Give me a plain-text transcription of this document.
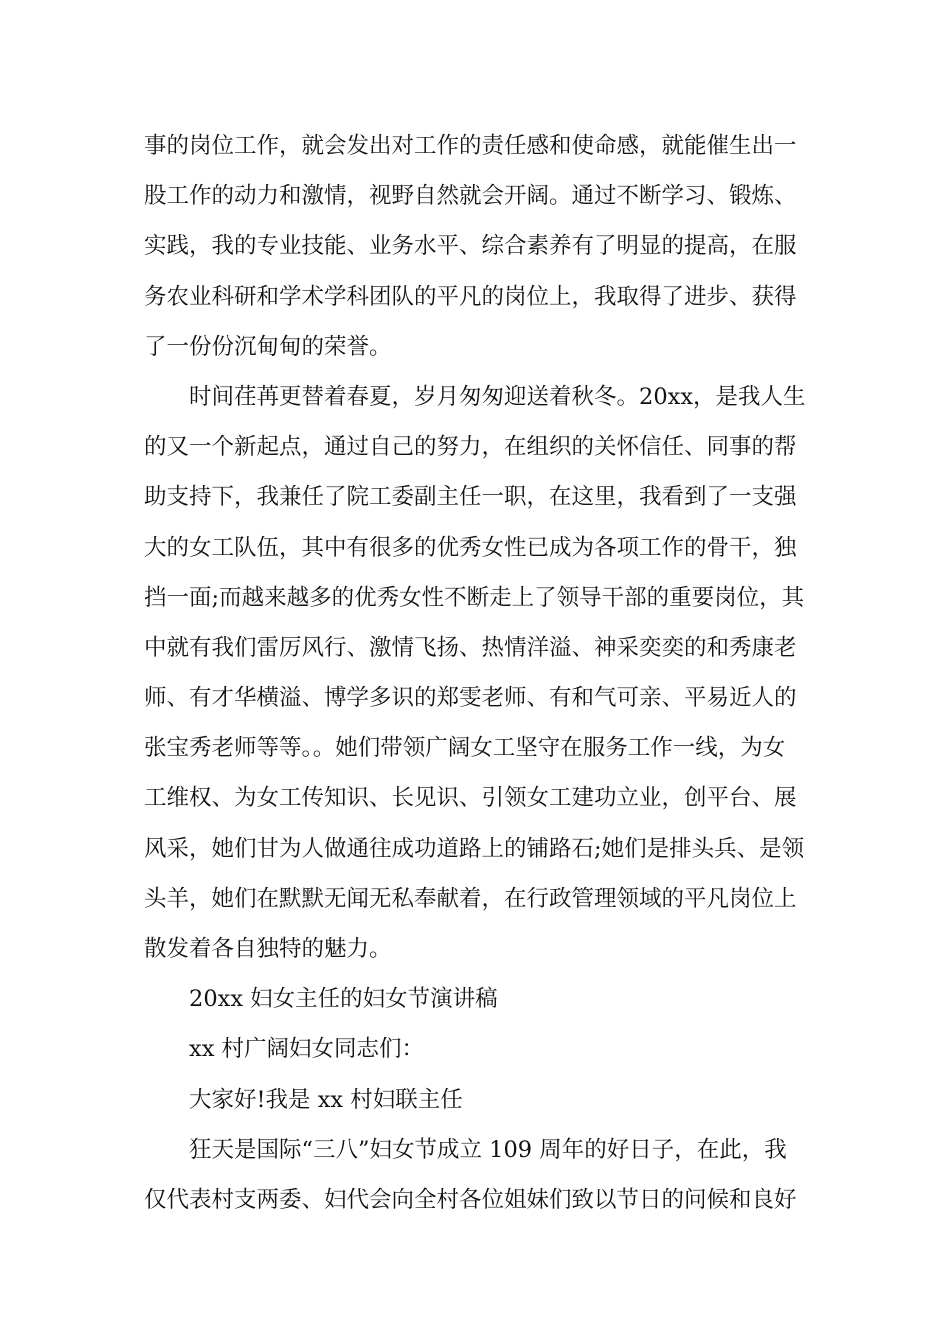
事的岗位工作，就会发出对工作的责任感和使命感，就能催生出一
股工作的动力和激情，视野自然就会开阔。通过不断学习、锻炼、
实践，我的专业技能、业务水平、综合素养有了明显的提高，在服
务农业科研和学术学科团队的平凡的岗位上，我取得了进步、获得
了一份份沉甸甸的荣誉。
时间荏苒更替着春夏，岁月匆匆迎送着秋冬。20xx，是我人生
的又一个新起点，通过自己的努力，在组织的关怀信任、同事的帮
助支持下，我兼任了院工委副主任一职，在这里，我看到了一支强
大的女工队伍，其中有很多的优秀女性已成为各项工作的骨干，独
挡一面;而越来越多的优秀女性不断走上了领导干部的重要岗位，其
中就有我们雷厉风行、激情飞扬、热情洋溢、神采奕奕的和秀康老
师、有才华横溢、博学多识的郑雯老师、有和气可亲、平易近人的
张宝秀老师等等。。她们带领广阔女工坚守在服务工作一线，为女
工维权、为女工传知识、长见识、引领女工建功立业，创平台、展
风采，她们甘为人做通往成功道路上的铺路石;她们是排头兵、是领
头羊，她们在默默无闻无私奉献着，在行政管理领域的平凡岗位上
散发着各自独特的魅力。
20xx 妇女主任的妇女节演讲稿
xx 村广阔妇女同志们：
大家好!我是 xx 村妇联主任
狂天是国际“三八”妇女节成立 109 周年的好日子，在此，我
仅代表村支两委、妇代会向全村各位姐妹们致以节日的问候和良好
